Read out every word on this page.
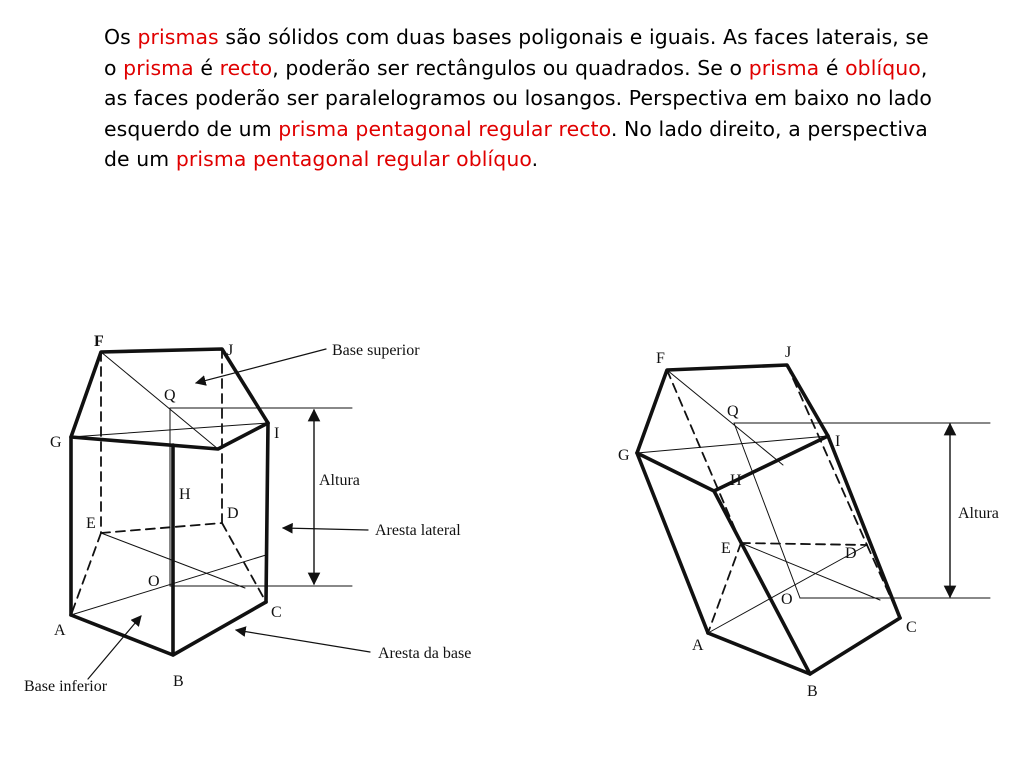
Os prismas são sólidos com duas bases poligonais e iguais. As faces laterais, se o prisma é recto, poderão ser rectângulos ou quadrados. Se o prisma é oblíquo, as faces poderão ser paralelogramos ou losangos. Perspectiva em baixo no lado esquerdo de um prisma pentagonal regular recto. No lado direito, a perspectiva de um prisma pentagonal regular oblíquo.

F
J
Q
G
I
H
E
D
O
A
C
B
Base superior
Altura
Aresta lateral
Aresta da base
Base inferior
F	J
Q
G
I
H
E	D
O
A
C
B
Altura
